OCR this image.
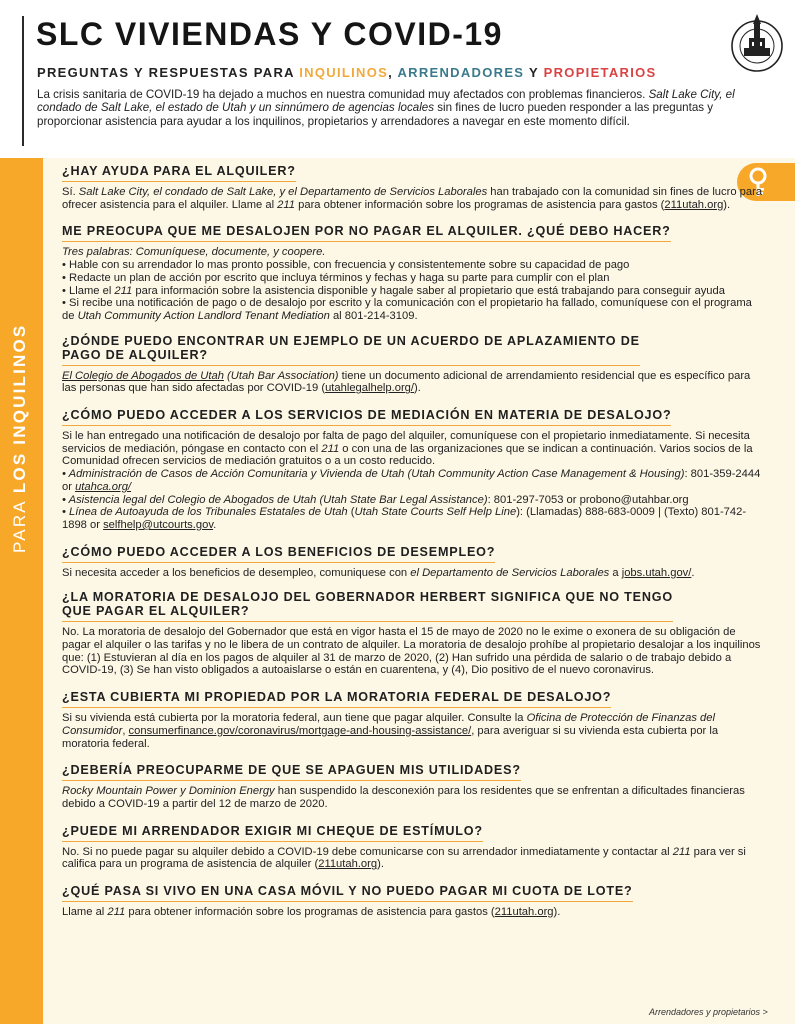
SLC VIVIENDAS Y COVID-19
PREGUNTAS Y RESPUESTAS PARA INQUILINOS, ARRENDADORES Y PROPIETARIOS

La crisis sanitaria de COVID-19 ha dejado a muchos en nuestra comunidad muy afectados con problemas financieros. Salt Lake City, el condado de Salt Lake, el estado de Utah y un sinnúmero de agencias locales sin fines de lucro pueden responder a las preguntas y proporcionar asistencia para ayudar a los inquilinos, propietarios y arrendadores a navegar en este momento difícil.

PARA LOS INQUILINOS
¿HAY AYUDA PARA EL ALQUILER?

Sí. Salt Lake City, el condado de Salt Lake, y el Departamento de Servicios Laborales han trabajado con la comunidad sin fines de lucro para ofrecer asistencia para el alquiler. Llame al 211 para obtener información sobre los programas de asistencia para gastos (211utah.org).

ME PREOCUPA QUE ME DESALOJEN POR NO PAGAR EL ALQUILER. ¿QUÉ DEBO HACER?

Tres palabras: Comuníquese, documente, y coopere.

• Hable con su arrendador lo mas pronto possible, con frecuencia y consistentemente sobre su capacidad de pago

• Redacte un plan de acción por escrito que incluya términos y fechas y haga su parte para cumplir con el plan

• Llame el 211 para información sobre la asistencia disponible y hagale saber al propietario que está trabajando para conseguir ayuda

• Si recibe una notificación de pago o de desalojo por escrito y la comunicación con el propietario ha fallado, comuníquese con el programa de Utah Community Action Landlord Tenant Mediation al 801-214-3109.

¿DÓNDE PUEDO ENCONTRAR UN EJEMPLO DE UN ACUERDO DE APLAZAMIENTO DE
PAGO DE ALQUILER?

El Colegio de Abogados de Utah (Utah Bar Association) tiene un documento adicional de arrendamiento residencial que es específico para las personas que han sido afectadas por COVID-19 (utahlegalhelp.org/).

¿CÓMO PUEDO ACCEDER A LOS SERVICIOS DE MEDIACIÓN EN MATERIA DE DESALOJO?

Si le han entregado una notificación de desalojo por falta de pago del alquiler, comuníquese con el propietario inmediatamente. Si necesita servicios de mediación, póngase en contacto con el 211 o con una de las organizaciones que se indican a continuación. Varios socios de la Comunidad ofrecen servicios de mediación gratuitos o a un costo reducido.

• Administración de Casos de Acción Comunitaria y Vivienda de Utah (Utah Community Action Case Management & Housing): 801-359-2444 or utahca.org/

• Asistencia legal del Colegio de Abogados de Utah (Utah State Bar Legal Assistance): 801-297-7053 or probono@utahbar.org

• Línea de Autoayuda de los Tribunales Estatales de Utah (Utah State Courts Self Help Line): (Llamadas) 888-683-0009 | (Texto) 801-742-1898 or selfhelp@utcourts.gov.

¿CÓMO PUEDO ACCEDER A LOS BENEFICIOS DE DESEMPLEO?

Si necesita acceder a los beneficios de desempleo, comuniquese con el Departamento de Servicios Laborales a jobs.utah.gov/.

¿LA MORATORIA DE DESALOJO DEL GOBERNADOR HERBERT SIGNIFICA QUE NO TENGO
QUE PAGAR EL ALQUILER?

No. La moratoria de desalojo del Gobernador que está en vigor hasta el 15 de mayo de 2020 no le exime o exonera de su obligación de pagar el alquiler o las tarifas y no le libera de un contrato de alquiler. La moratoria de desalojo prohíbe al propietario desalojar a los inquilinos que: (1) Estuvieran al día en los pagos de alquiler al 31 de marzo de 2020, (2) Han sufrido una pérdida de salario o de trabajo debido a COVID-19, (3) Se han visto obligados a autoaislarse o están en cuarentena, y (4), Dio positivo de el nuevo coronavirus.

¿ESTA CUBIERTA MI PROPIEDAD POR LA MORATORIA FEDERAL DE DESALOJO?

Si su vivienda está cubierta por la moratoria federal, aun tiene que pagar alquiler. Consulte la Oficina de Protección de Finanzas del Consumidor, consumerfinance.gov/coronavirus/mortgage-and-housing-assistance/, para averiguar si su vivienda esta cubierta por la moratoria federal.

¿DEBERÍA PREOCUPARME DE QUE SE APAGUEN MIS UTILIDADES?

Rocky Mountain Power y Dominion Energy han suspendido la desconexión para los residentes que se enfrentan a dificultades financieras debido a COVID-19 a partir del 12 de marzo de 2020.

¿PUEDE MI ARRENDADOR EXIGIR MI CHEQUE DE ESTÍMULO?

No. Si no puede pagar su alquiler debido a COVID-19 debe comunicarse con su arrendador inmediatamente y contactar al 211 para ver si califica para un programa de asistencia de alquiler (211utah.org).

¿QUÉ PASA SI VIVO EN UNA CASA MÓVIL Y NO PUEDO PAGAR MI CUOTA DE LOTE?

Llame al 211 para obtener información sobre los programas de asistencia para gastos (211utah.org).

Arrendadores y propietarios >
